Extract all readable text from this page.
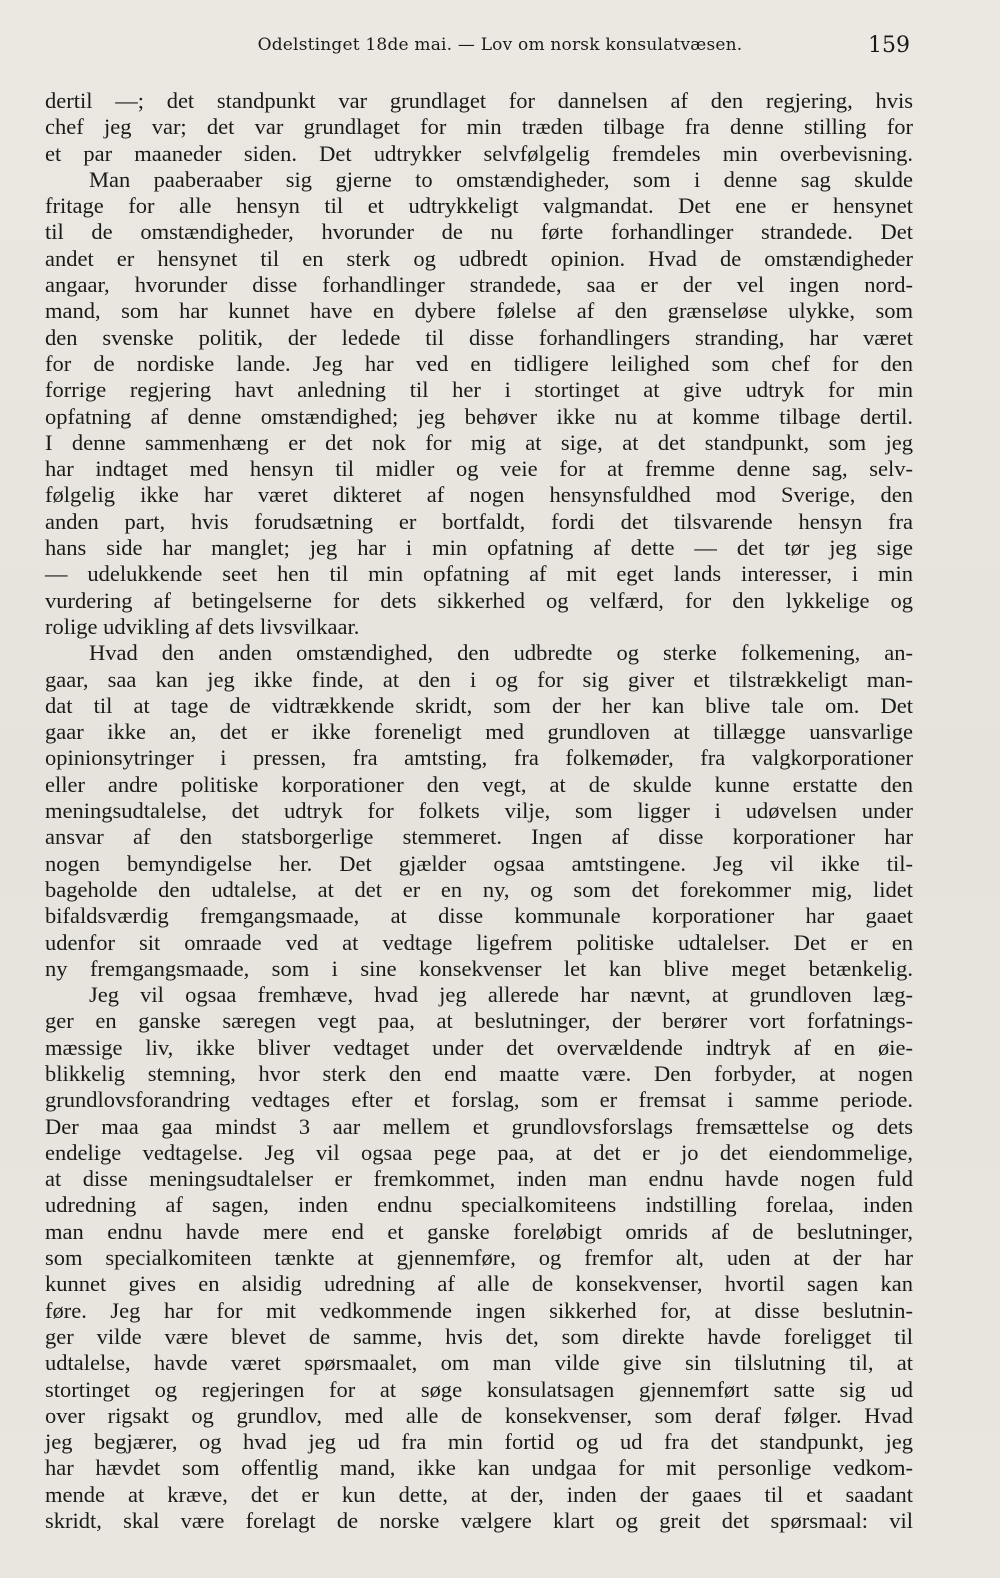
Odelstinget 18de mai. — Lov om norsk konsulatvæsen.	159
dertil —; det standpunkt var grundlaget for dannelsen af den regjering, hvis
chef jeg var; det var grundlaget for min træden tilbage fra denne stilling for
et par maaneder siden. Det udtrykker selvfølgelig fremdeles min overbevisning.
Man paaberaaber sig gjerne to omstændigheder, som i denne sag skulde
fritage for alle hensyn til et udtrykkeligt valgmandat. Det ene er hensynet
til de omstændigheder, hvorunder de nu førte forhandlinger strandede. Det
andet er hensynet til en sterk og udbredt opinion. Hvad de omstændigheder
angaar, hvorunder disse forhandlinger strandede, saa er der vel ingen nord-
mand, som har kunnet have en dybere følelse af den grænseløse ulykke, som
den svenske politik, der ledede til disse forhandlingers stranding, har været
for de nordiske lande. Jeg har ved en tidligere leilighed som chef for den
forrige regjering havt anledning til her i stortinget at give udtryk for min
opfatning af denne omstændighed; jeg behøver ikke nu at komme tilbage dertil.
I denne sammenhæng er det nok for mig at sige, at det standpunkt, som jeg
har indtaget med hensyn til midler og veie for at fremme denne sag, selv-
følgelig ikke har været dikteret af nogen hensynsfuldhed mod Sverige, den
anden part, hvis forudsætning er bortfaldt, fordi det tilsvarende hensyn fra
hans side har manglet; jeg har i min opfatning af dette — det tør jeg sige
— udelukkende seet hen til min opfatning af mit eget lands interesser, i min
vurdering af betingelserne for dets sikkerhed og velfærd, for den lykkelige og
rolige udvikling af dets livsvilkaar.
Hvad den anden omstændighed, den udbredte og sterke folkemening, an-
gaar, saa kan jeg ikke finde, at den i og for sig giver et tilstrækkeligt man-
dat til at tage de vidtrækkende skridt, som der her kan blive tale om. Det
gaar ikke an, det er ikke foreneligt med grundloven at tillægge uansvarlige
opinionsytringer i pressen, fra amtsting, fra folkemøder, fra valgkorporationer
eller andre politiske korporationer den vegt, at de skulde kunne erstatte den
meningsudtalelse, det udtryk for folkets vilje, som ligger i udøvelsen under
ansvar af den statsborgerlige stemmeret. Ingen af disse korporationer har
nogen bemyndigelse her. Det gjælder ogsaa amtstingene. Jeg vil ikke til-
bageholde den udtalelse, at det er en ny, og som det forekommer mig, lidet
bifaldsværdig fremgangsmaade, at disse kommunale korporationer har gaaet
udenfor sit omraade ved at vedtage ligefrem politiske udtalelser. Det er en
ny fremgangsmaade, som i sine konsekvenser let kan blive meget betænkelig.
Jeg vil ogsaa fremhæve, hvad jeg allerede har nævnt, at grundloven læg-
ger en ganske særegen vegt paa, at beslutninger, der berører vort forfatnings-
mæssige liv, ikke bliver vedtaget under det overvældende indtryk af en øie-
blikkelig stemning, hvor sterk den end maatte være. Den forbyder, at nogen
grundlovsforandring vedtages efter et forslag, som er fremsat i samme periode.
Der maa gaa mindst 3 aar mellem et grundlovsforslags fremsættelse og dets
endelige vedtagelse. Jeg vil ogsaa pege paa, at det er jo det eiendommelige,
at disse meningsudtalelser er fremkommet, inden man endnu havde nogen fuld
udredning af sagen, inden endnu specialkomiteens indstilling forelaa, inden
man endnu havde mere end et ganske foreløbigt omrids af de beslutninger,
som specialkomiteen tænkte at gjennemføre, og fremfor alt, uden at der har
kunnet gives en alsidig udredning af alle de konsekvenser, hvortil sagen kan
føre. Jeg har for mit vedkommende ingen sikkerhed for, at disse beslutnin-
ger vilde være blevet de samme, hvis det, som direkte havde foreligget til
udtalelse, havde været spørsmaalet, om man vilde give sin tilslutning til, at
stortinget og regjeringen for at søge konsulatsagen gjennemført satte sig ud
over rigsakt og grundlov, med alle de konsekvenser, som deraf følger. Hvad
jeg begjærer, og hvad jeg ud fra min fortid og ud fra det standpunkt, jeg
har hævdet som offentlig mand, ikke kan undgaa for mit personlige vedkom-
mende at kræve, det er kun dette, at der, inden der gaaes til et saadant
skridt, skal være forelagt de norske vælgere klart og greit det spørsmaal: vil
